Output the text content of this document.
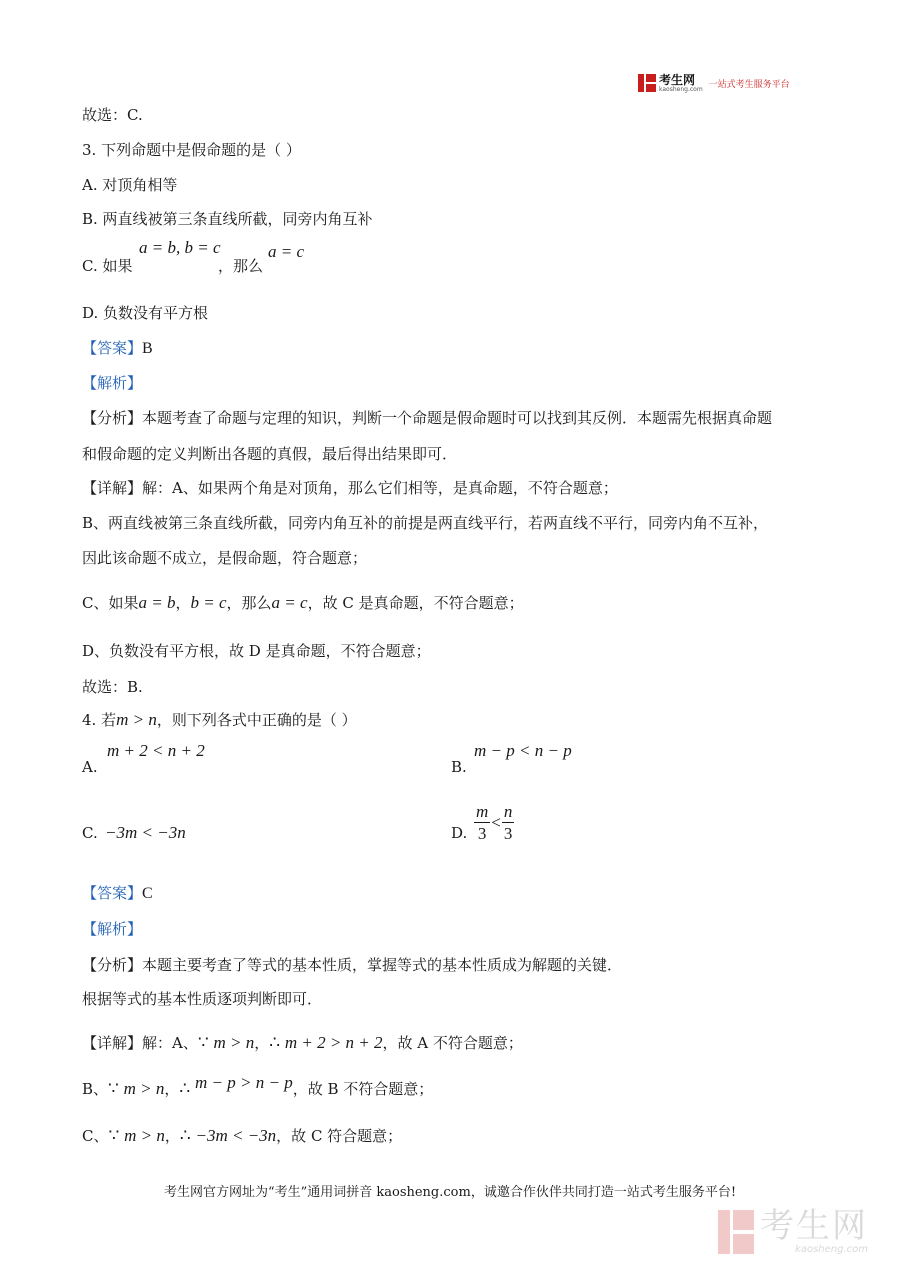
考生网
kaosheng.com 一站式考生服务平台
故选：C.
3. 下列命题中是假命题的是（ ）
A. 对顶角相等
B. 两直线被第三条直线所截，同旁内角互补
C. 如果
a = b, b = c
，那么
a = c
D. 负数没有平方根
【答案】B
【解析】
【分析】本题考查了命题与定理的知识，判断一个命题是假命题时可以找到其反例．本题需先根据真命题
和假命题的定义判断出各题的真假，最后得出结果即可．
【详解】解：A、如果两个角是对顶角，那么它们相等，是真命题，不符合题意；
B、两直线被第三条直线所截，同旁内角互补的前提是两直线平行，若两直线不平行，同旁内角不互补，
因此该命题不成立，是假命题，符合题意；
C、如果a = b，b = c，那么a = c，故 C 是真命题，不符合题意；
D、负数没有平方根，故 D 是真命题，不符合题意；
故选：B.
4. 若m > n，则下列各式中正确的是（ ）
A.
m + 2 < n + 2
B.
m − p < n − p
C. −3m < −3n	D. $\frac{m}{3} < \frac{n}{3}$
【答案】C
【解析】
【分析】本题主要考查了等式的基本性质，掌握等式的基本性质成为解题的关键．
根据等式的基本性质逐项判断即可．
【详解】解：A、∵ m > n，∴ m + 2 > n + 2，故 A 不符合题意；
B、∵ m > n，∴ m − p > n − p，故 B 不符合题意；
C、∵ m > n，∴ −3m < −3n，故 C 符合题意；
考生网官方网址为“考生”通用词拼音 kaosheng.com，诚邀合作伙伴共同打造一站式考生服务平台!
考生网
kaosheng.com
